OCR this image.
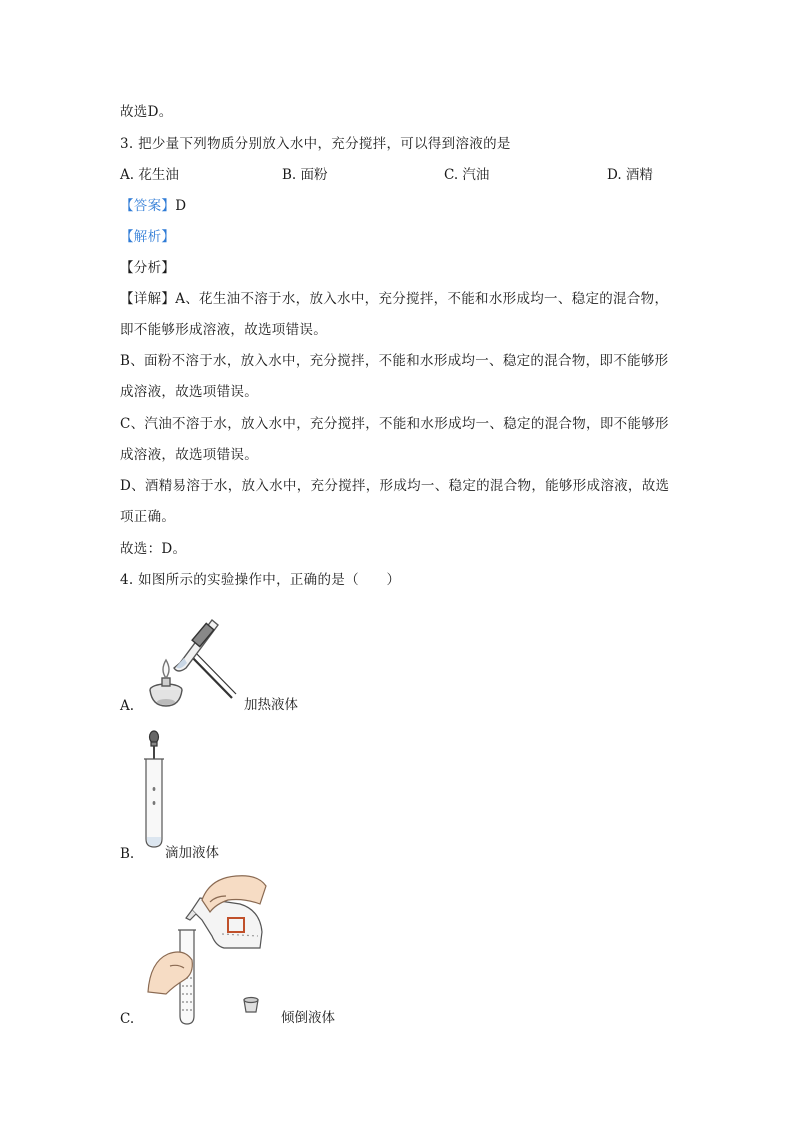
故选D。
3. 把少量下列物质分别放入水中，充分搅拌，可以得到溶液的是
A. 花生油	B. 面粉	C. 汽油	D. 酒精
【答案】D
【解析】
【分析】
【详解】A、花生油不溶于水，放入水中，充分搅拌，不能和水形成均一、稳定的混合物，
即不能够形成溶液，故选项错误。
B、面粉不溶于水，放入水中，充分搅拌，不能和水形成均一、稳定的混合物，即不能够形
成溶液，故选项错误。
C、汽油不溶于水，放入水中，充分搅拌，不能和水形成均一、稳定的混合物，即不能够形
成溶液，故选项错误。
D、酒精易溶于水，放入水中，充分搅拌，形成均一、稳定的混合物，能够形成溶液，故选
项正确。
故选：D。
4. 如图所示的实验操作中，正确的是（　　）
A.	加热液体
B. 滴加液体
C.	倾倒液体
